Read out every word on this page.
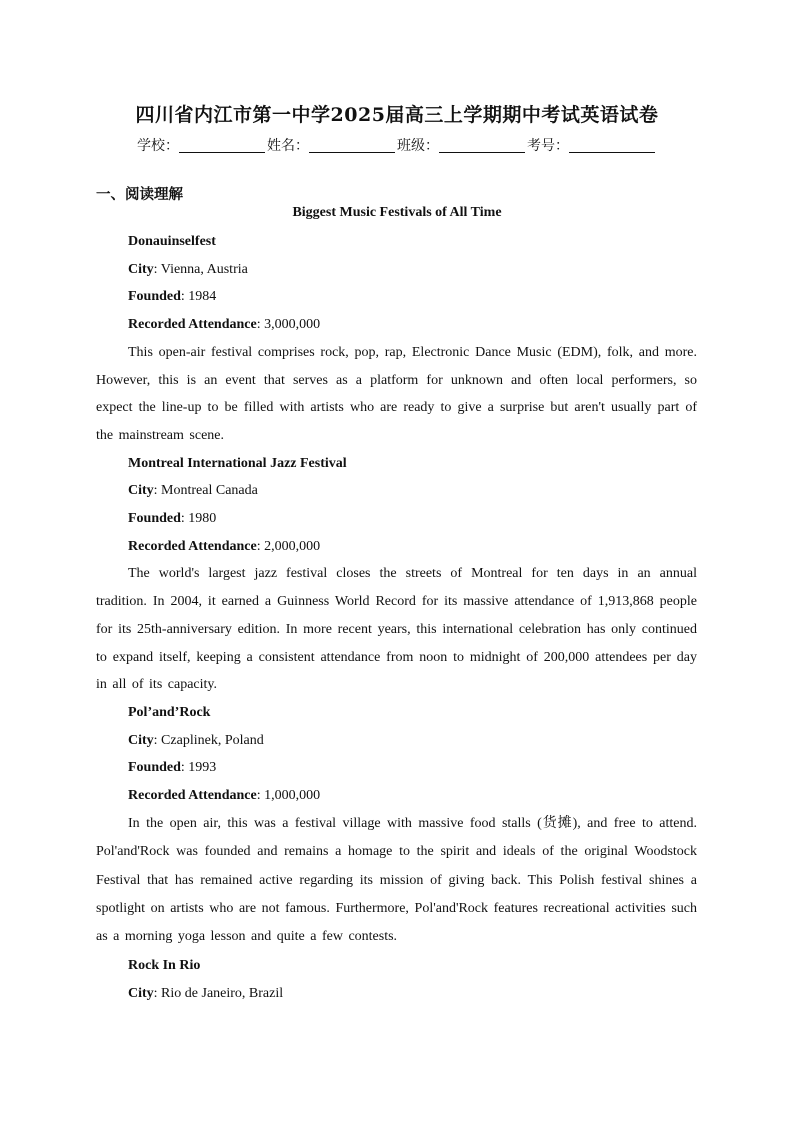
四川省内江市第一中学2025届高三上学期期中考试英语试卷
学校：	姓名：	班级：	考号：
一、阅读理解
Biggest Music Festivals of All Time

Donauinselfest

City: Vienna, Austria

Founded: 1984

Recorded Attendance: 3,000,000

This open-air festival comprises rock, pop, rap, Electronic Dance Music (EDM), folk, and more. However, this is an event that serves as a platform for unknown and often local performers, so expect the line-up to be filled with artists who are ready to give a surprise but aren't usually part of the mainstream scene.

Montreal International Jazz Festival

City: Montreal Canada

Founded: 1980

Recorded Attendance: 2,000,000

The world's largest jazz festival closes the streets of Montreal for ten days in an annual tradition. In 2004, it earned a Guinness World Record for its massive attendance of 1,913,868 people for its 25th-anniversary edition. In more recent years, this international celebration has only continued to expand itself, keeping a consistent attendance from noon to midnight of 200,000 attendees per day in all of its capacity.

Pol’and’Rock

City: Czaplinek, Poland

Founded: 1993

Recorded Attendance: 1,000,000

In the open air, this was a festival village with massive food stalls (货摊), and free to attend. Pol'and'Rock was founded and remains a homage to the spirit and ideals of the original Woodstock Festival that has remained active regarding its mission of giving back. This Polish festival shines a spotlight on artists who are not famous. Furthermore, Pol'and'Rock features recreational activities such as a morning yoga lesson and quite a few contests.

Rock In Rio

City: Rio de Janeiro, Brazil
